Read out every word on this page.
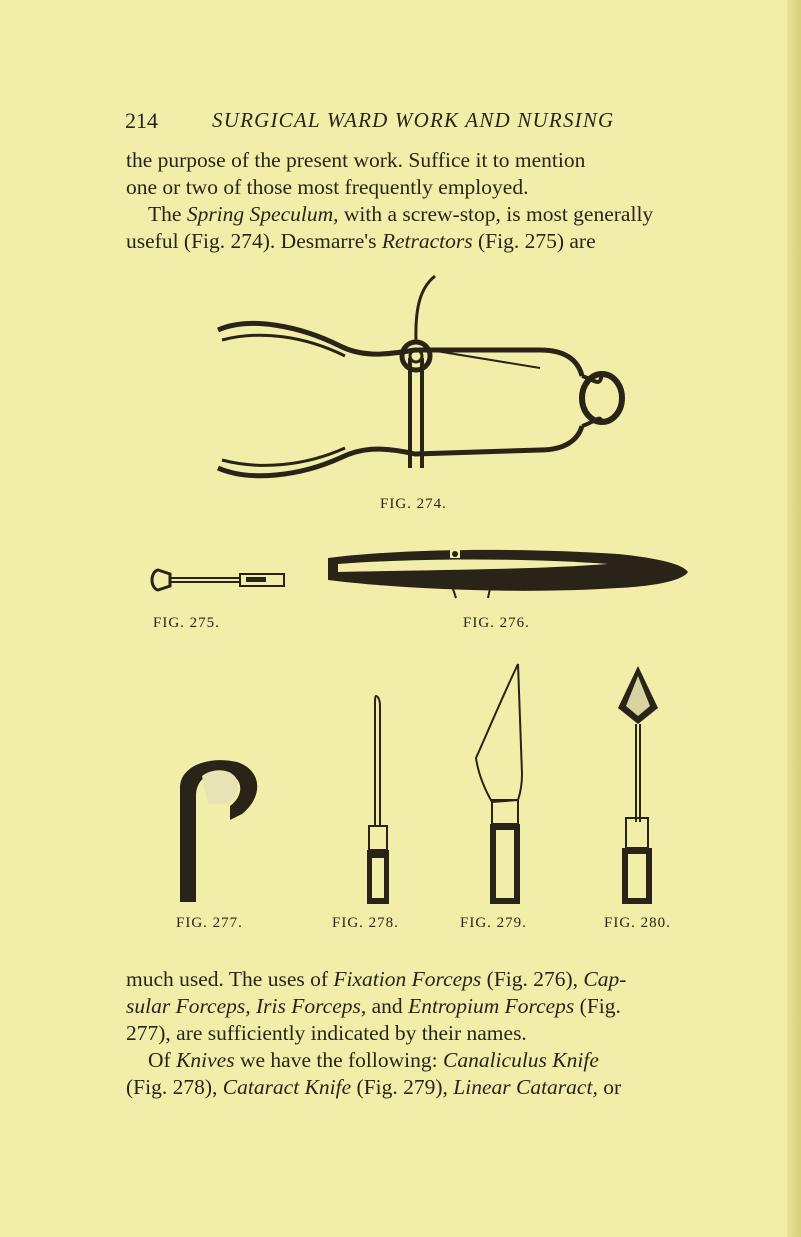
214	SURGICAL WARD WORK AND NURSING

the purpose of the present work. Suffice it to mention

one or two of those most frequently employed.

The Spring Speculum, with a screw-stop, is most generally

useful (Fig. 274). Desmarre's Retractors (Fig. 275) are

FIG. 274.
FIG. 275.	FIG. 276.
FIG. 277.	FIG. 278.	FIG. 279.	FIG. 280.

much used. The uses of Fixation Forceps (Fig. 276), Cap-

sular Forceps, Iris Forceps, and Entropium Forceps (Fig.

277), are sufficiently indicated by their names.

Of Knives we have the following: Canaliculus Knife

(Fig. 278), Cataract Knife (Fig. 279), Linear Cataract, or
